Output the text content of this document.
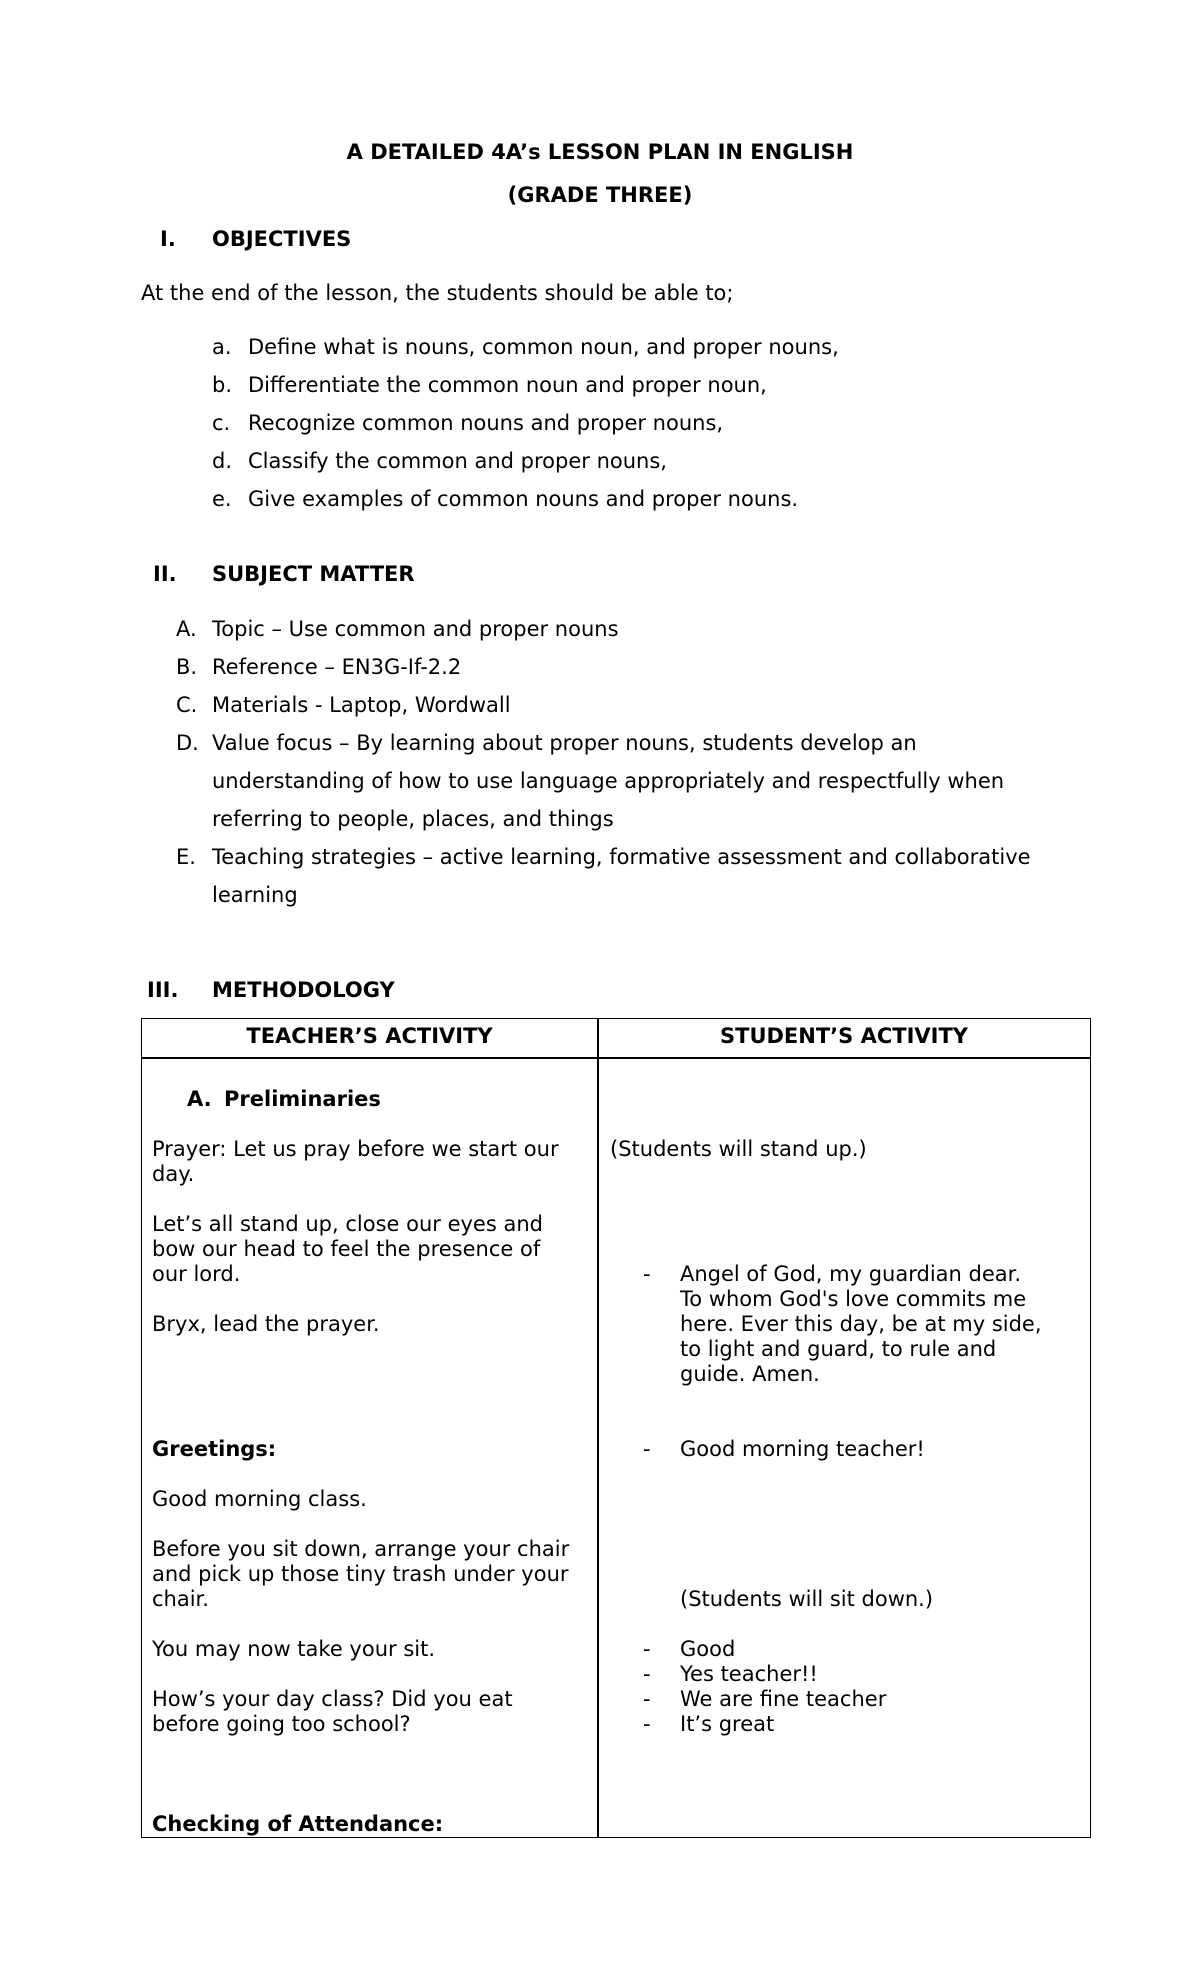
A DETAILED 4A’s LESSON PLAN IN ENGLISH
(GRADE THREE)
I. OBJECTIVES
At the end of the lesson, the students should be able to;
a. Define what is nouns, common noun, and proper nouns,
b. Differentiate the common noun and proper noun,
c. Recognize common nouns and proper nouns,
d. Classify the common and proper nouns,
e. Give examples of common nouns and proper nouns.
II. SUBJECT MATTER
A. Topic – Use common and proper nouns
B. Reference – EN3G-If-2.2
C. Materials - Laptop, Wordwall
D. Value focus – By learning about proper nouns, students develop an
understanding of how to use language appropriately and respectfully when
referring to people, places, and things
E. Teaching strategies – active learning, formative assessment and collaborative
learning
III. METHODOLOGY
TEACHER’S ACTIVITY	STUDENT’S ACTIVITY
A. Preliminaries
Prayer: Let us pray before we start our
day.
Let’s all stand up, close our eyes and
bow our head to feel the presence of
our lord.
Bryx, lead the prayer.
Greetings:
Good morning class.
Before you sit down, arrange your chair
and pick up those tiny trash under your
chair.
You may now take your sit.
How’s your day class? Did you eat
before going too school?
Checking of Attendance:
(Students will stand up.)
- Angel of God, my guardian dear.
To whom God's love commits me
here. Ever this day, be at my side,
to light and guard, to rule and
guide. Amen.
- Good morning teacher!
(Students will sit down.)
- Good
- Yes teacher!!
- We are fine teacher
- It’s great
